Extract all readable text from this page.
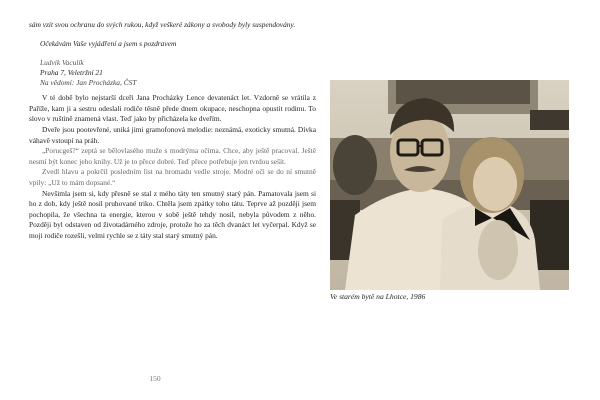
sám vzít svou ochranu do svých rukou, když veškeré zákony a svobody byly suspendovány.

Očekávám Vaše vyjádření a jsem s pozdravem

Ludvík Vaculík
Praha 7, Veletržní 21
Na vědomí: Jan Procházka, ČST

V té době bylo nejstarší dceři Jana Procházky Lence devatenáct let. Vzdorně se vrátila z Paříže, kam ji a sestru odeslali rodiče těsně předе dnem okupace, neschopna opustit rodinu. To slovo v ruštině znamená vlast. Teď jako by přicházela ke dveřím.

Dveře jsou pootevřené, uniká jimi gramofonová melodie: neznámá, exoticky smutná. Dívka váhavě vstoupí na práh.

„Porucgeš?“ zeptá se bělovlasého muže s modrýma očima. Chce, aby ještě pracoval. Ještě nesmí být konec jeho knihy. Už je to přece dobré. Teď přece potřebuje jen tvrdou sešít.

Zvedl hlavu a pokrčil posledním list na hromadu vedle stroje. Modré oči se do ní smutně vpily: „Už to mám dopsané.“

Nevšimla jsem si, kdy přesně se stal z mého táty ten smutný starý pán. Pamatovala jsem si ho z dob, kdy ještě nosil pruhované triko. Chtěla jsem zpátky toho tátu. Teprve až později jsem pochopila, že všechna ta energie, kterou v sobě ještě tehdy nosil, nebyla původem z něho. Později byl odstaven od životadárného zdroje, protože ho za těch dvanáct let vyčerpal. Když se moji rodiče rozešli, velmi rychle se z táty stal starý smutný pán.

Ve starém bytě na Lhotce, 1986
150
